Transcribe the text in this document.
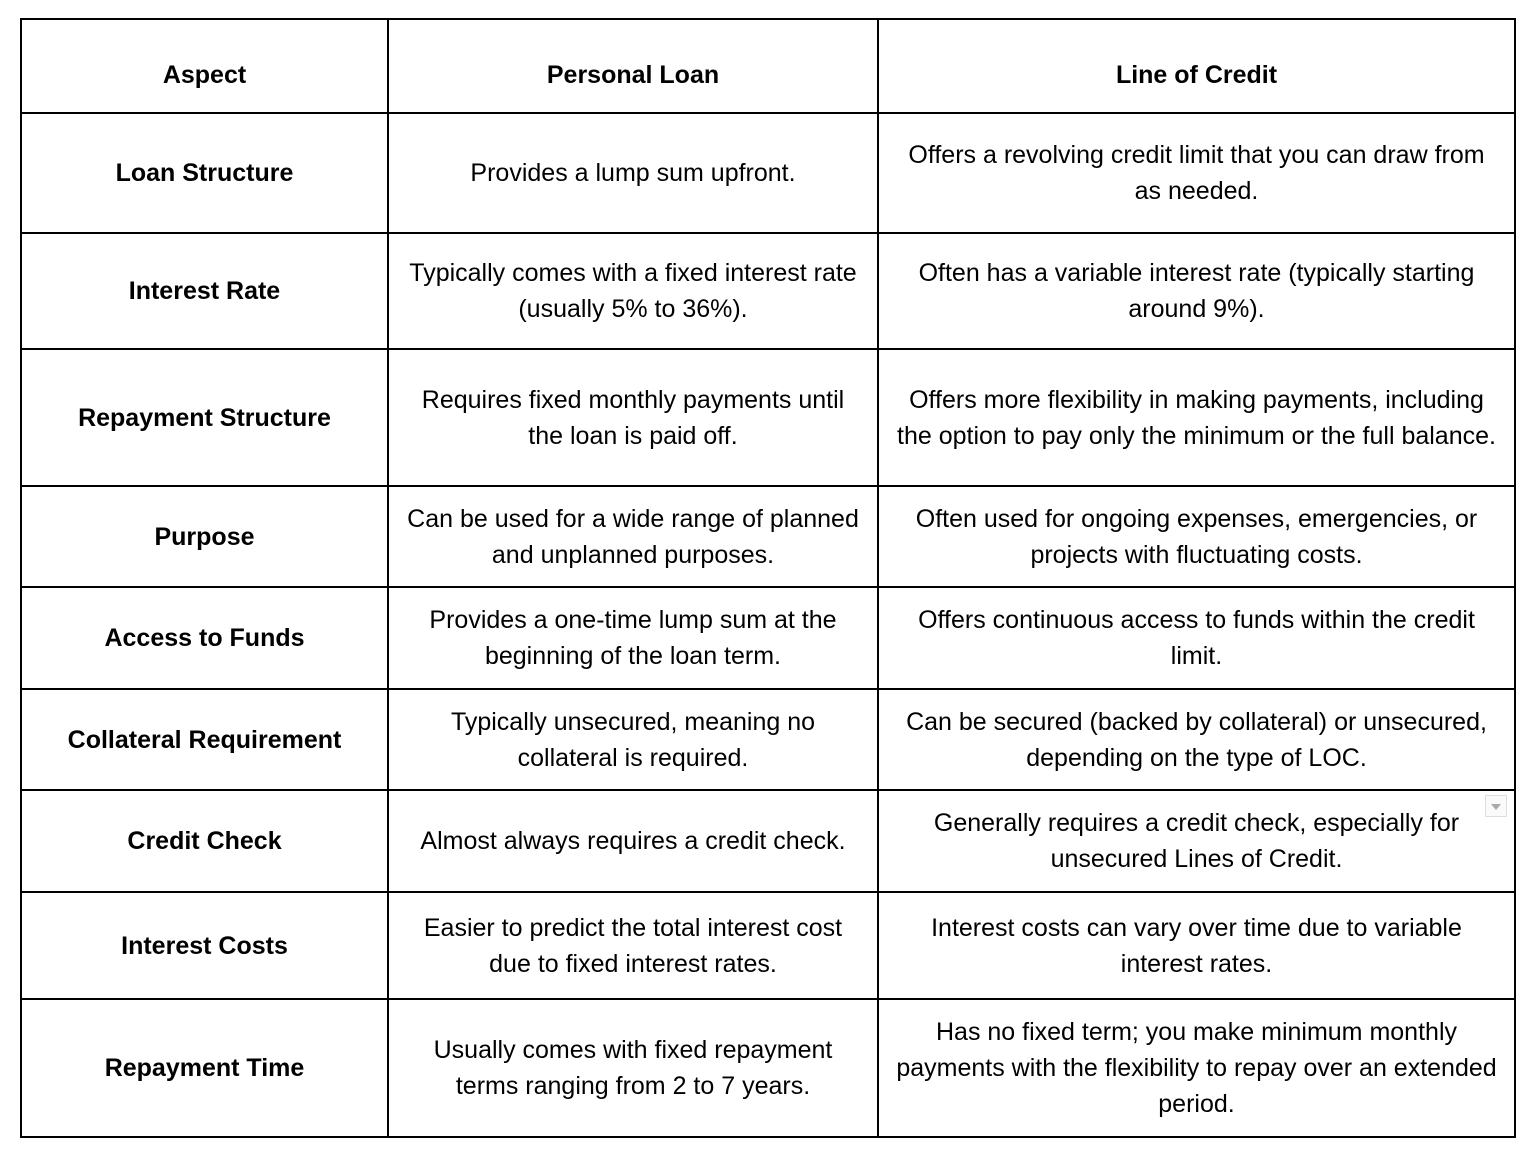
Aspect	Personal Loan	Line of Credit
Loan Structure	Provides a lump sum upfront.	Offers a revolving credit limit that you can draw from as needed.
Interest Rate	Typically comes with a fixed interest rate (usually 5% to 36%).	Often has a variable interest rate (typically starting around 9%).
Repayment Structure	Requires fixed monthly payments until the loan is paid off.	Offers more flexibility in making payments, including the option to pay only the minimum or the full balance.
Purpose	Can be used for a wide range of planned and unplanned purposes.	Often used for ongoing expenses, emergencies, or projects with fluctuating costs.
Access to Funds	Provides a one-time lump sum at the beginning of the loan term.	Offers continuous access to funds within the credit limit.
Collateral Requirement	Typically unsecured, meaning no collateral is required.	Can be secured (backed by collateral) or unsecured, depending on the type of LOC.
Credit Check	Almost always requires a credit check.	Generally requires a credit check, especially for unsecured Lines of Credit.
Interest Costs	Easier to predict the total interest cost due to fixed interest rates.	Interest costs can vary over time due to variable interest rates.
Repayment Time	Usually comes with fixed repayment terms ranging from 2 to 7 years.	Has no fixed term; you make minimum monthly payments with the flexibility to repay over an extended period.
